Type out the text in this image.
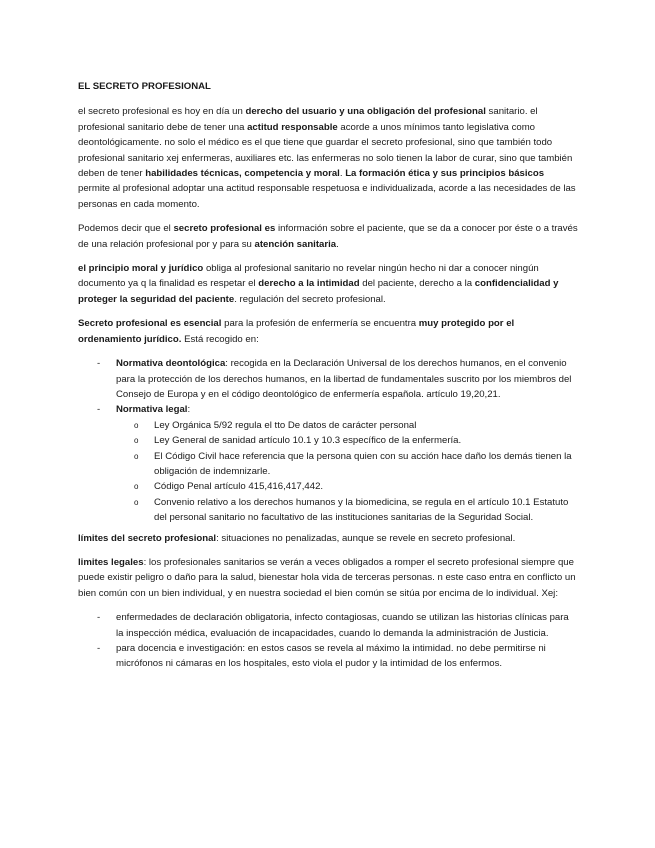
EL SECRETO PROFESIONAL

el secreto profesional es hoy en día un derecho del usuario y una obligación del profesional sanitario. el profesional sanitario debe de tener una actitud responsable acorde a unos mínimos tanto legislativa como deontológicamente. no solo el médico es el que tiene que guardar el secreto profesional, sino que también todo profesional sanitario xej enfermeras, auxiliares etc. las enfermeras no solo tienen la labor de curar, sino que también deben de tener habilidades técnicas, competencia y moral. La formación ética y sus principios básicos permite al profesional adoptar una actitud responsable respetuosa e individualizada, acorde a las necesidades de las personas en cada momento.

Podemos decir que el secreto profesional es información sobre el paciente, que se da a conocer por éste o a través de una relación profesional por y para su atención sanitaria.

el principio moral y jurídico obliga al profesional sanitario no revelar ningún hecho ni dar a conocer ningún documento ya q la finalidad es respetar el derecho a la intimidad del paciente, derecho a la confidencialidad y proteger la seguridad del paciente. regulación del secreto profesional.

Secreto profesional es esencial para la profesión de enfermería se encuentra muy protegido por el ordenamiento jurídico. Está recogido en:

- Normativa deontológica: recogida en la Declaración Universal de los derechos humanos, en el convenio para la protección de los derechos humanos, en la libertad de fundamentales suscrito por los miembros del Consejo de Europa y en el código deontológico de enfermería española. artículo 19,20,21.
- Normativa legal:
o Ley Orgánica 5/92 regula el tto De datos de carácter personal
o Ley General de sanidad artículo 10.1 y 10.3 específico de la enfermería.
o El Código Civil hace referencia que la persona quien con su acción hace daño los demás tienen la obligación de indemnizarle.
o Código Penal artículo 415,416,417,442.
o Convenio relativo a los derechos humanos y la biomedicina, se regula en el artículo 10.1 Estatuto del personal sanitario no facultativo de las instituciones sanitarias de la Seguridad Social.

límites del secreto profesional: situaciones no penalizadas, aunque se revele en secreto profesional.

limites legales: los profesionales sanitarios se verán a veces obligados a romper el secreto profesional siempre que puede existir peligro o daño para la salud, bienestar hola vida de terceras personas. n este caso entra en conflicto un bien común con un bien individual, y en nuestra sociedad el bien común se sitúa por encima de lo individual. Xej:

- enfermedades de declaración obligatoria, infecto contagiosas, cuando se utilizan las historias clínicas para la inspección médica, evaluación de incapacidades, cuando lo demanda la administración de Justicia.
- para docencia e investigación: en estos casos se revela al máximo la intimidad. no debe permitirse ni micrófonos ni cámaras en los hospitales, esto viola el pudor y la intimidad de los enfermos.
